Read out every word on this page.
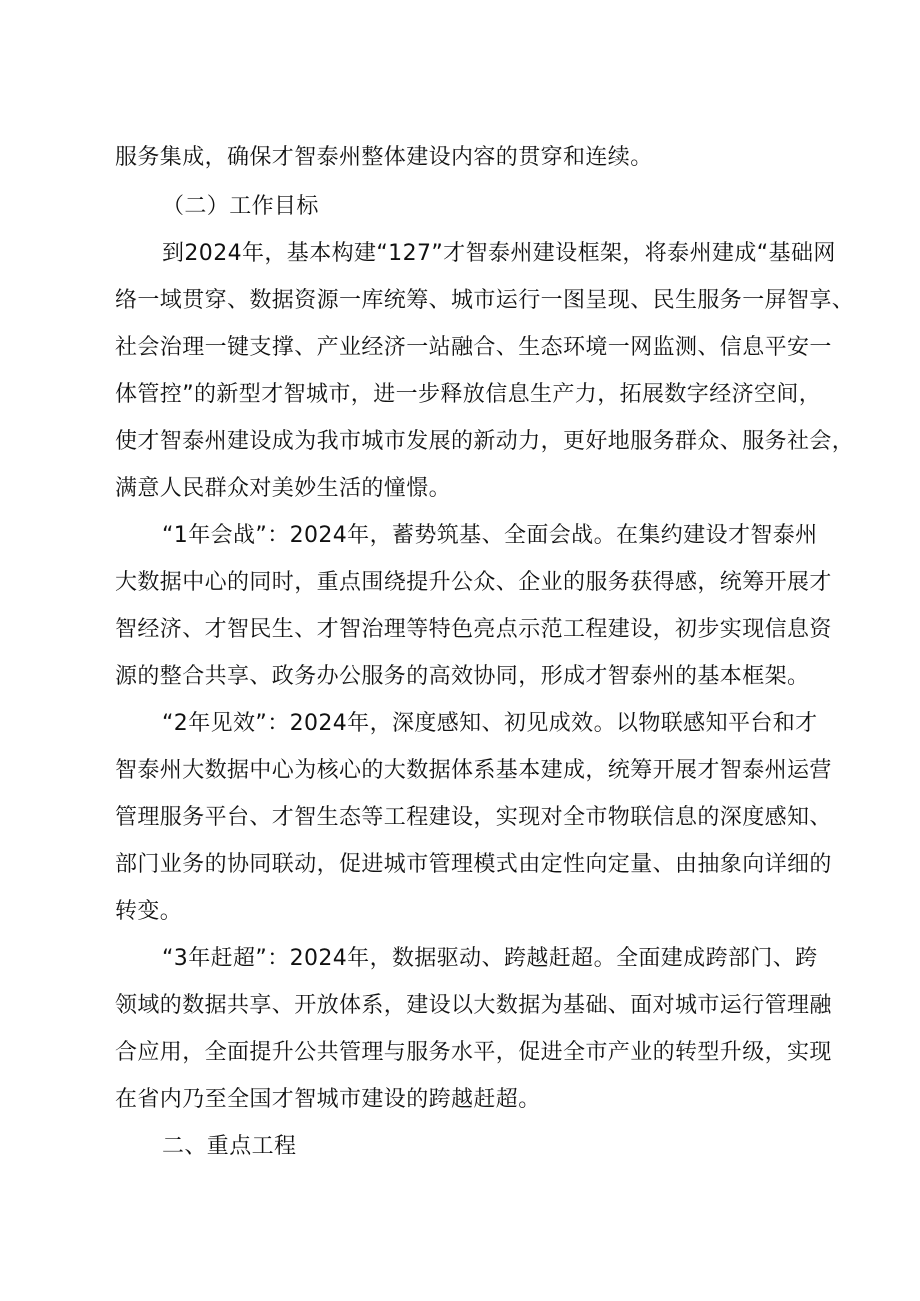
服务集成，确保才智泰州整体建设内容的贯穿和连续。
（二）工作目标
到2024年，基本构建“127”才智泰州建设框架，将泰州建成“基础网
络一域贯穿、数据资源一库统筹、城市运行一图呈现、民生服务一屏智享、
社会治理一键支撑、产业经济一站融合、生态环境一网监测、信息平安一
体管控”的新型才智城市，进一步释放信息生产力，拓展数字经济空间，
使才智泰州建设成为我市城市发展的新动力，更好地服务群众、服务社会，
满意人民群众对美妙生活的憧憬。
“1年会战”：2024年，蓄势筑基、全面会战。在集约建设才智泰州
大数据中心的同时，重点围绕提升公众、企业的服务获得感，统筹开展才
智经济、才智民生、才智治理等特色亮点示范工程建设，初步实现信息资
源的整合共享、政务办公服务的高效协同，形成才智泰州的基本框架。
“2年见效”：2024年，深度感知、初见成效。以物联感知平台和才
智泰州大数据中心为核心的大数据体系基本建成，统筹开展才智泰州运营
管理服务平台、才智生态等工程建设，实现对全市物联信息的深度感知、
部门业务的协同联动，促进城市管理模式由定性向定量、由抽象向详细的
转变。
“3年赶超”：2024年，数据驱动、跨越赶超。全面建成跨部门、跨
领域的数据共享、开放体系，建设以大数据为基础、面对城市运行管理融
合应用，全面提升公共管理与服务水平，促进全市产业的转型升级，实现
在省内乃至全国才智城市建设的跨越赶超。
二、重点工程
